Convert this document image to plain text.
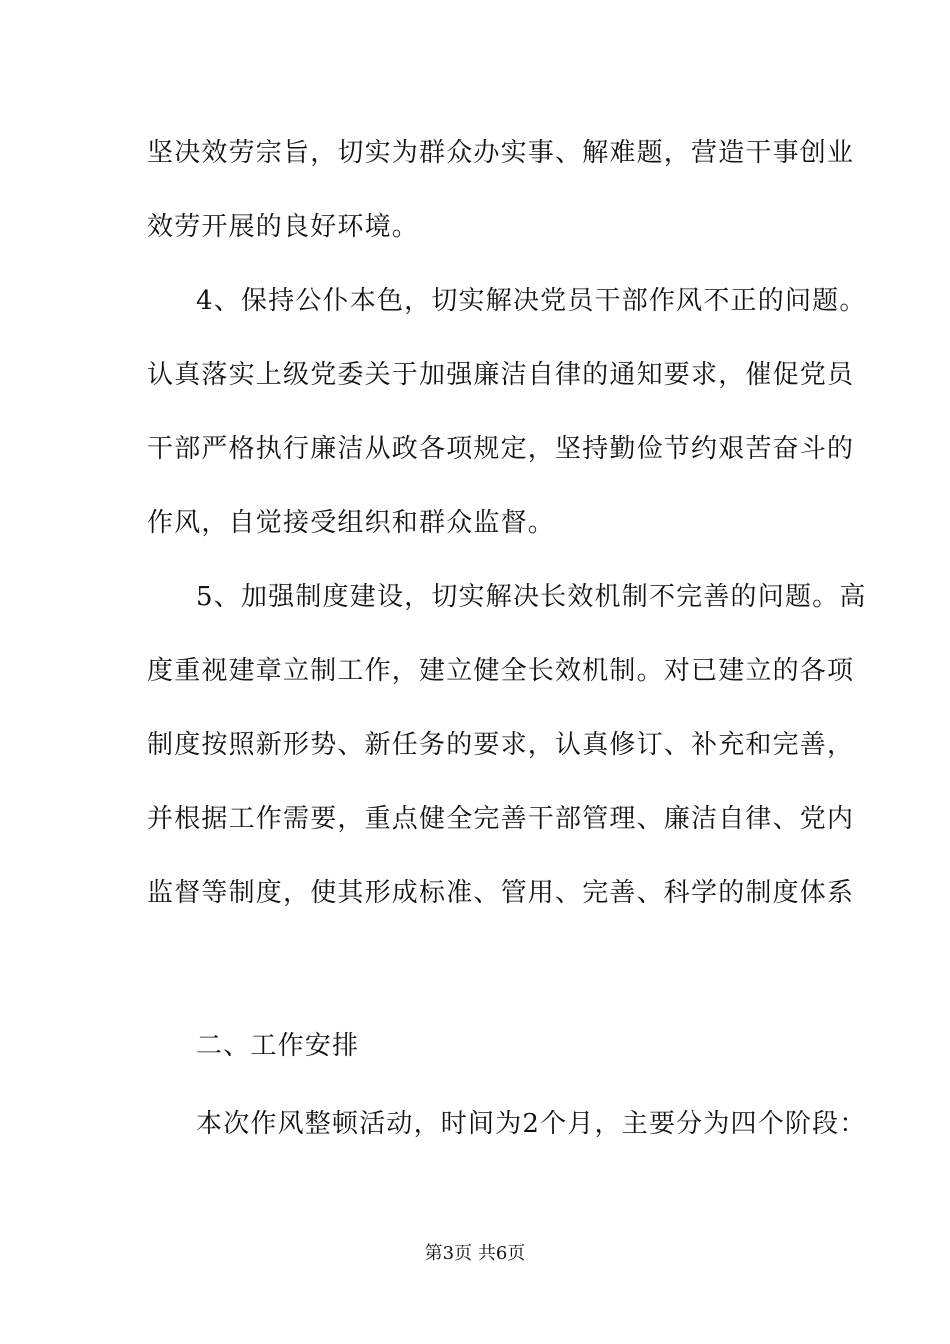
坚决效劳宗旨，切实为群众办实事、解难题，营造干事创业
效劳开展的良好环境。
4、保持公仆本色，切实解决党员干部作风不正的问题。
认真落实上级党委关于加强廉洁自律的通知要求，催促党员
干部严格执行廉洁从政各项规定，坚持勤俭节约艰苦奋斗的
作风，自觉接受组织和群众监督。
5、加强制度建设，切实解决长效机制不完善的问题。高
度重视建章立制工作，建立健全长效机制。对已建立的各项
制度按照新形势、新任务的要求，认真修订、补充和完善，
并根据工作需要，重点健全完善干部管理、廉洁自律、党内
监督等制度，使其形成标准、管用、完善、科学的制度体系
二、工作安排
本次作风整顿活动，时间为2个月，主要分为四个阶段：
第3页 共6页
